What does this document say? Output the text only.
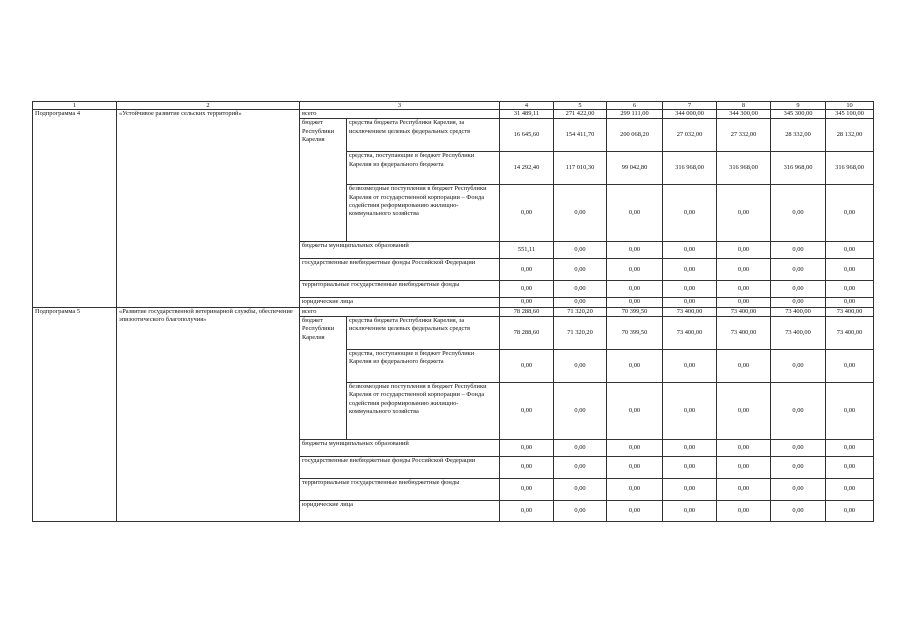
1	2	3		4	5	6	7	8	9	10
Подпрограмма 4	«Устойчивое развитие сельских территорий»	всего		31 489,11	271 422,00	299 111,00	344 000,00	344 300,00	345 300,00	345 100,00
		бюджет Республики Карелия	средства бюджета Республики Карелия, за исключением целевых федеральных средств	16 645,60	154 411,70	200 068,20	27 032,00	27 332,00	28 332,00	28 132,00
			средства, поступающие в бюджет Республики Карелия из федерального бюджета	14 292,40	117 010,30	99 042,80	316 968,00	316 968,00	316 968,00	316 968,00
			безвозмездные поступления в бюджет Республики Карелия от государственной корпорации – Фонда содействия реформированию жилищно-коммунального хозяйства	0,00	0,00	0,00	0,00	0,00	0,00	0,00
		бюджеты муниципальных образований		551,11	0,00	0,00	0,00	0,00	0,00	0,00
		государственные внебюджетные фонды Российской Федерации		0,00	0,00	0,00	0,00	0,00	0,00	0,00
		территориальные государственные внебюджетные фонды		0,00	0,00	0,00	0,00	0,00	0,00	0,00
		юридические лица		0,00	0,00	0,00	0,00	0,00	0,00	0,00
Подпрограмма 5	«Развитие государственной ветеринарной службы, обеспечение эпизоотического благополучия»	всего		78 288,60	71 320,20	70 399,50	73 400,00	73 400,00	73 400,00	73 400,00
		бюджет Республики Карелия	средства бюджета Республики Карелия, за исключением целевых федеральных средств	78 288,60	71 320,20	70 399,50	73 400,00	73 400,00	73 400,00	73 400,00
			средства, поступающие в бюджет Республики Карелия из федерального бюджета	0,00	0,00	0,00	0,00	0,00	0,00	0,00
			безвозмездные поступления в бюджет Республики Карелия от государственной корпорации – Фонда содействия реформированию жилищно-коммунального хозяйства	0,00	0,00	0,00	0,00	0,00	0,00	0,00
		бюджеты муниципальных образований		0,00	0,00	0,00	0,00	0,00	0,00	0,00
		государственные внебюджетные фонды Российской Федерации		0,00	0,00	0,00	0,00	0,00	0,00	0,00
		территориальные государственные внебюджетные фонды		0,00	0,00	0,00	0,00	0,00	0,00	0,00
		юридические лица		0,00	0,00	0,00	0,00	0,00	0,00	0,00
